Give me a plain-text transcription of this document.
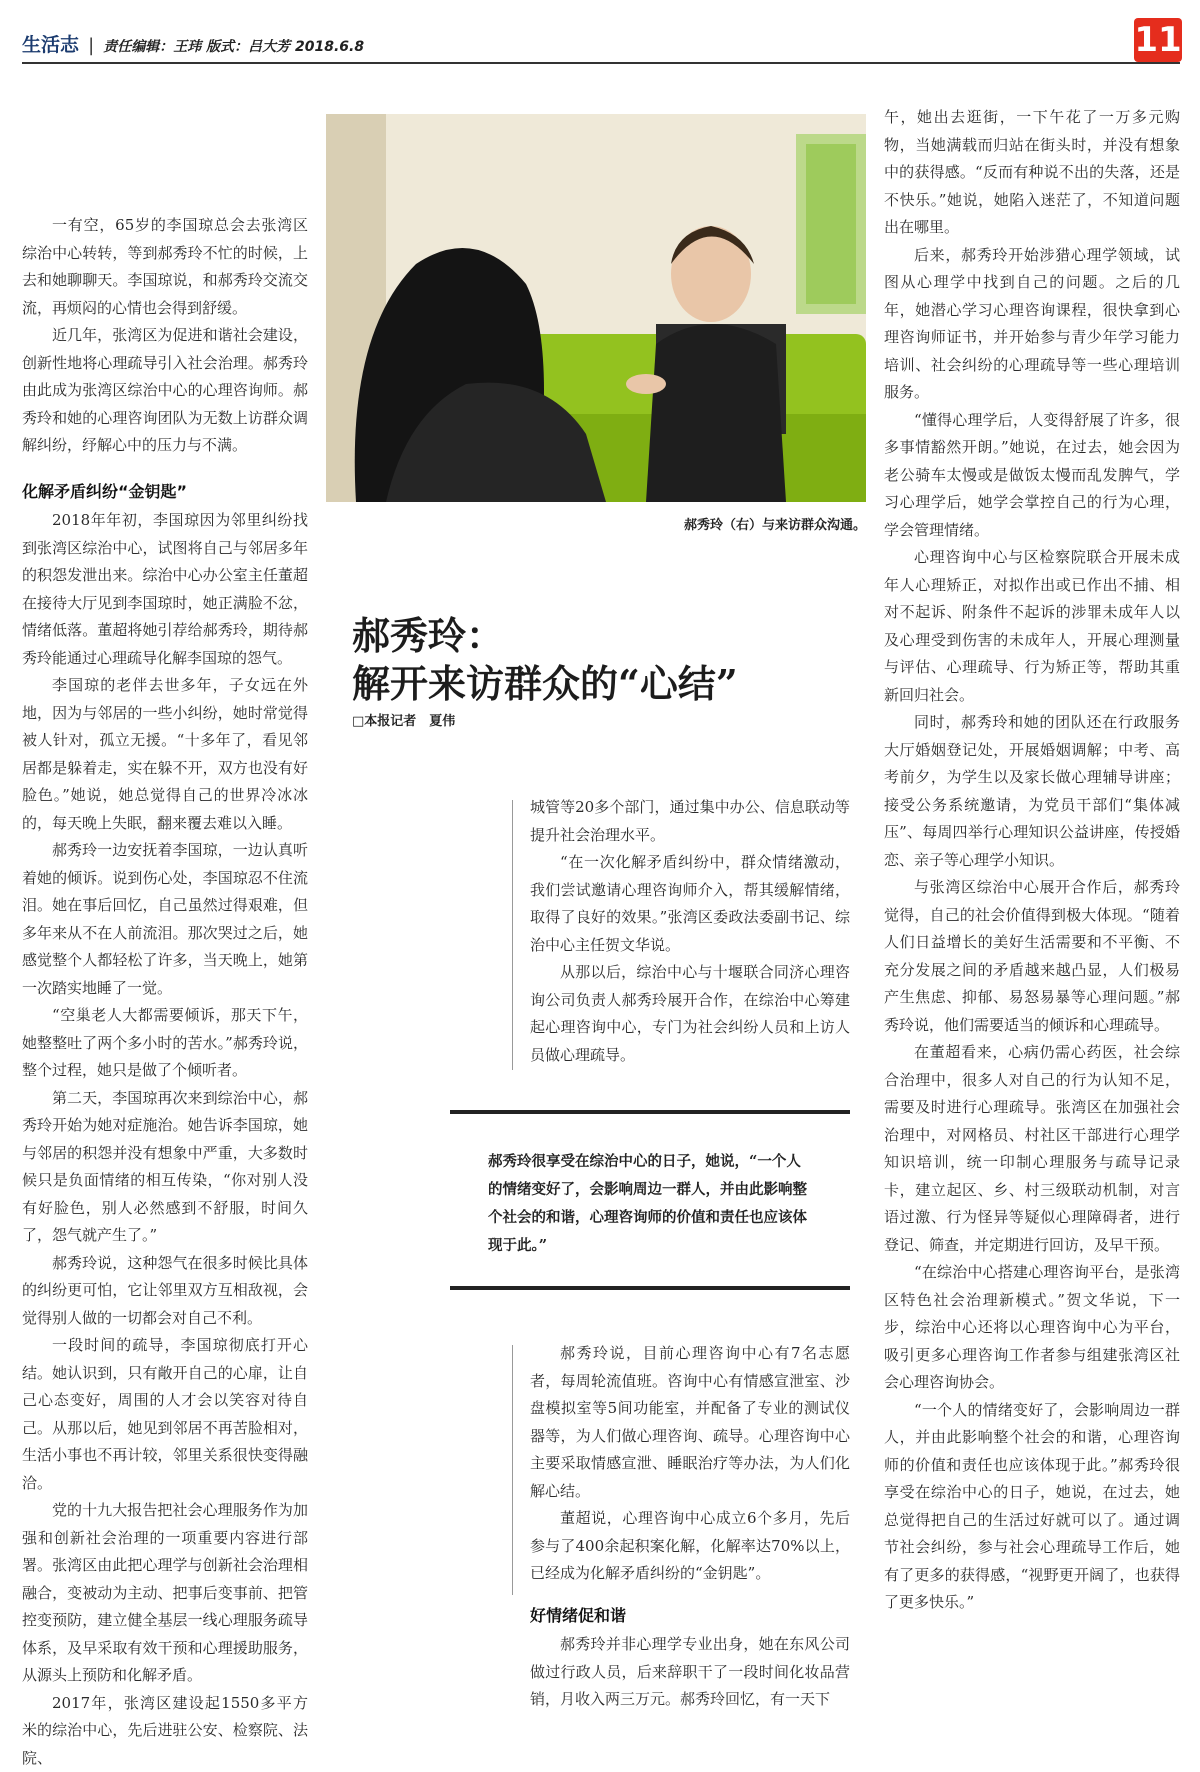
生活志 | 责任编辑：王玮 版式：吕大芳 2018.6.8	11

一有空，65岁的李国琼总会去张湾区综治中心转转，等到郝秀玲不忙的时候，上去和她聊聊天。李国琼说，和郝秀玲交流交流，再烦闷的心情也会得到舒缓。

近几年，张湾区为促进和谐社会建设，创新性地将心理疏导引入社会治理。郝秀玲由此成为张湾区综治中心的心理咨询师。郝秀玲和她的心理咨询团队为无数上访群众调解纠纷，纾解心中的压力与不满。

化解矛盾纠纷“金钥匙”

2018年年初，李国琼因为邻里纠纷找到张湾区综治中心，试图将自己与邻居多年的积怨发泄出来。综治中心办公室主任董超在接待大厅见到李国琼时，她正满脸不忿，情绪低落。董超将她引荐给郝秀玲，期待郝秀玲能通过心理疏导化解李国琼的怨气。

李国琼的老伴去世多年，子女远在外地，因为与邻居的一些小纠纷，她时常觉得被人针对，孤立无援。“十多年了，看见邻居都是躲着走，实在躲不开，双方也没有好脸色。”她说，她总觉得自己的世界冷冰冰的，每天晚上失眠，翻来覆去难以入睡。

郝秀玲一边安抚着李国琼，一边认真听着她的倾诉。说到伤心处，李国琼忍不住流泪。她在事后回忆，自己虽然过得艰难，但多年来从不在人前流泪。那次哭过之后，她感觉整个人都轻松了许多，当天晚上，她第一次踏实地睡了一觉。

“空巢老人大都需要倾诉，那天下午，她整整吐了两个多小时的苦水。”郝秀玲说，整个过程，她只是做了个倾听者。

第二天，李国琼再次来到综治中心，郝秀玲开始为她对症施治。她告诉李国琼，她与邻居的积怨并没有想象中严重，大多数时候只是负面情绪的相互传染，“你对别人没有好脸色，别人必然感到不舒服，时间久了，怨气就产生了。”

郝秀玲说，这种怨气在很多时候比具体的纠纷更可怕，它让邻里双方互相敌视，会觉得别人做的一切都会对自己不利。

一段时间的疏导，李国琼彻底打开心结。她认识到，只有敞开自己的心扉，让自己心态变好，周围的人才会以笑容对待自己。从那以后，她见到邻居不再苦脸相对，生活小事也不再计较，邻里关系很快变得融洽。

党的十九大报告把社会心理服务作为加强和创新社会治理的一项重要内容进行部署。张湾区由此把心理学与创新社会治理相融合，变被动为主动、把事后变事前、把管控变预防，建立健全基层一线心理服务疏导体系，及早采取有效干预和心理援助服务，从源头上预防和化解矛盾。

2017年，张湾区建设起1550多平方米的综治中心，先后进驻公安、检察院、法院、

郝秀玲（右）与来访群众沟通。
郝秀玲：
解开来访群众的“心结”
□本报记者　夏伟

城管等20多个部门，通过集中办公、信息联动等提升社会治理水平。

“在一次化解矛盾纠纷中，群众情绪激动，我们尝试邀请心理咨询师介入，帮其缓解情绪，取得了良好的效果。”张湾区委政法委副书记、综治中心主任贺文华说。

从那以后，综治中心与十堰联合同济心理咨询公司负责人郝秀玲展开合作，在综治中心筹建起心理咨询中心，专门为社会纠纷人员和上访人员做心理疏导。

郝秀玲很享受在综治中心的日子，她说，“一个人的情绪变好了，会影响周边一群人，并由此影响整个社会的和谐，心理咨询师的价值和责任也应该体现于此。”

郝秀玲说，目前心理咨询中心有7名志愿者，每周轮流值班。咨询中心有情感宣泄室、沙盘模拟室等5间功能室，并配备了专业的测试仪器等，为人们做心理咨询、疏导。心理咨询中心主要采取情感宣泄、睡眠治疗等办法，为人们化解心结。

董超说，心理咨询中心成立6个多月，先后参与了400余起积案化解，化解率达70%以上，已经成为化解矛盾纠纷的“金钥匙”。

好情绪促和谐

郝秀玲并非心理学专业出身，她在东风公司做过行政人员，后来辞职干了一段时间化妆品营销，月收入两三万元。郝秀玲回忆，有一天下

午，她出去逛街，一下午花了一万多元购物，当她满载而归站在街头时，并没有想象中的获得感。“反而有种说不出的失落，还是不快乐。”她说，她陷入迷茫了，不知道问题出在哪里。

后来，郝秀玲开始涉猎心理学领域，试图从心理学中找到自己的问题。之后的几年，她潜心学习心理咨询课程，很快拿到心理咨询师证书，并开始参与青少年学习能力培训、社会纠纷的心理疏导等一些心理培训服务。

“懂得心理学后，人变得舒展了许多，很多事情豁然开朗。”她说，在过去，她会因为老公骑车太慢或是做饭太慢而乱发脾气，学习心理学后，她学会掌控自己的行为心理，学会管理情绪。

心理咨询中心与区检察院联合开展未成年人心理矫正，对拟作出或已作出不捕、相对不起诉、附条件不起诉的涉罪未成年人以及心理受到伤害的未成年人，开展心理测量与评估、心理疏导、行为矫正等，帮助其重新回归社会。

同时，郝秀玲和她的团队还在行政服务大厅婚姻登记处，开展婚姻调解；中考、高考前夕，为学生以及家长做心理辅导讲座；接受公务系统邀请，为党员干部们“集体减压”、每周四举行心理知识公益讲座，传授婚恋、亲子等心理学小知识。

与张湾区综治中心展开合作后，郝秀玲觉得，自己的社会价值得到极大体现。“随着人们日益增长的美好生活需要和不平衡、不充分发展之间的矛盾越来越凸显，人们极易产生焦虑、抑郁、易怒易暴等心理问题。”郝秀玲说，他们需要适当的倾诉和心理疏导。

在董超看来，心病仍需心药医，社会综合治理中，很多人对自己的行为认知不足，需要及时进行心理疏导。张湾区在加强社会治理中，对网格员、村社区干部进行心理学知识培训，统一印制心理服务与疏导记录卡，建立起区、乡、村三级联动机制，对言语过激、行为怪异等疑似心理障碍者，进行登记、筛查，并定期进行回访，及早干预。

“在综治中心搭建心理咨询平台，是张湾区特色社会治理新模式。”贺文华说，下一步，综治中心还将以心理咨询中心为平台，吸引更多心理咨询工作者参与组建张湾区社会心理咨询协会。

“一个人的情绪变好了，会影响周边一群人，并由此影响整个社会的和谐，心理咨询师的价值和责任也应该体现于此。”郝秀玲很享受在综治中心的日子，她说，在过去，她总觉得把自己的生活过好就可以了。通过调节社会纠纷，参与社会心理疏导工作后，她有了更多的获得感，“视野更开阔了，也获得了更多快乐。”
